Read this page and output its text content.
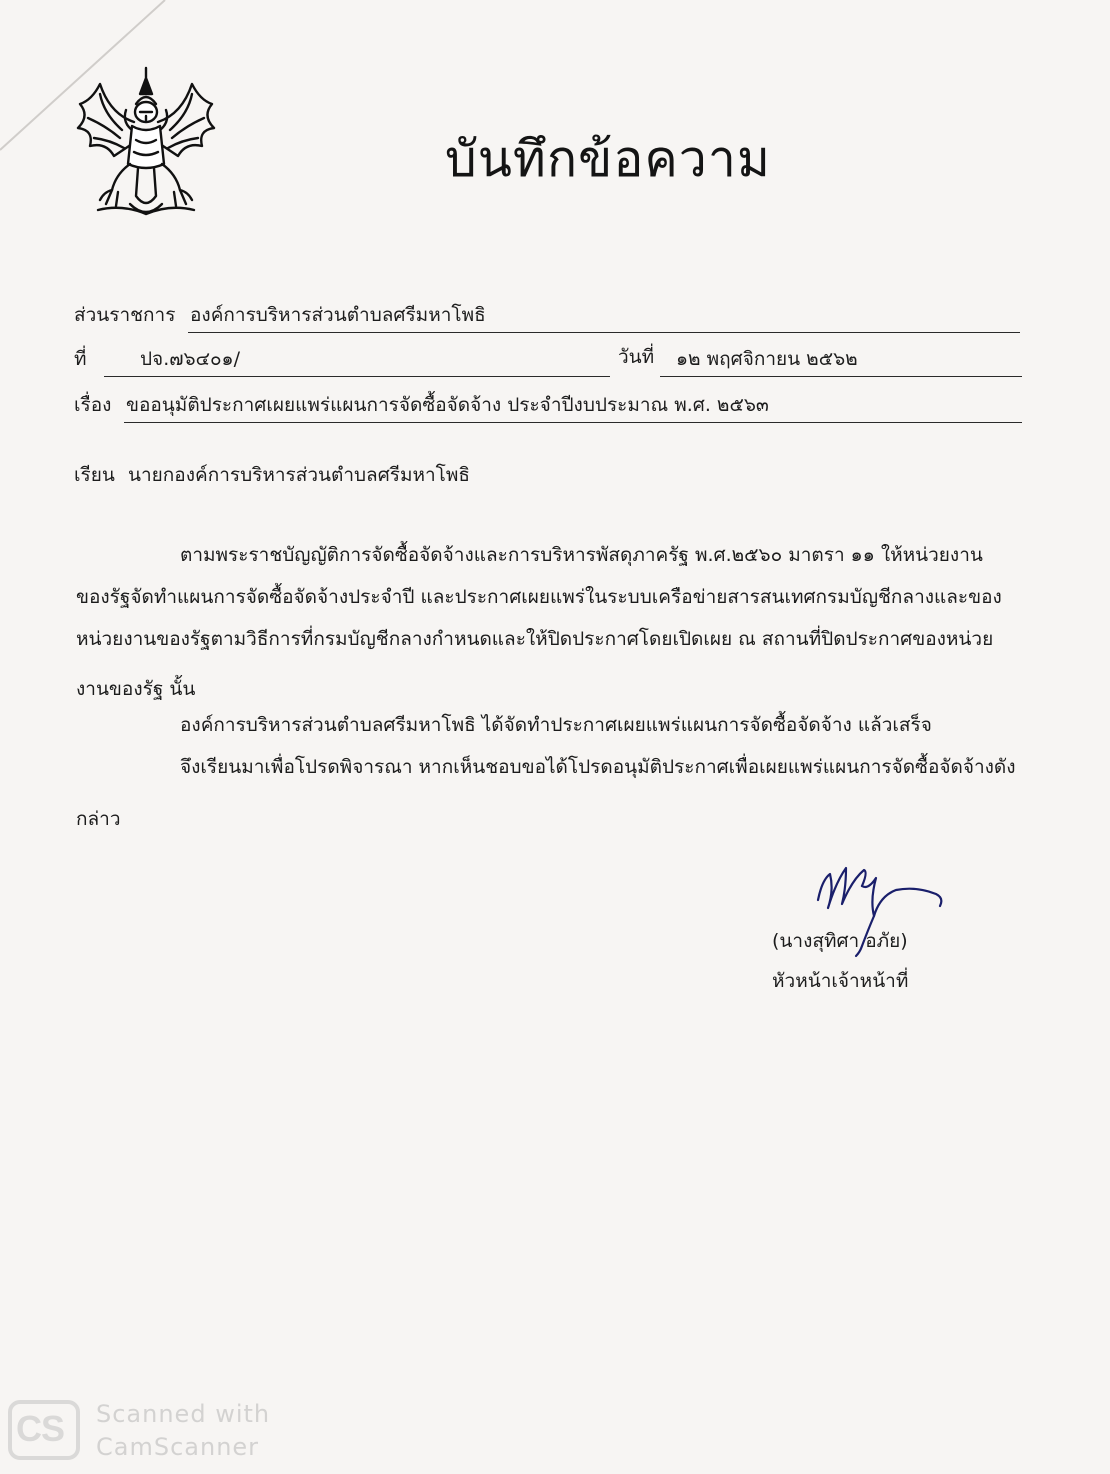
บันทึกข้อความ
ส่วนราชการ องค์การบริหารส่วนตำบลศรีมหาโพธิ
ที่	ปจ.๗๖๔๐๑/	วันที่ ๑๒ พฤศจิกายน ๒๕๖๒
เรื่อง ขออนุมัติประกาศเผยแพร่แผนการจัดซื้อจัดจ้าง ประจำปีงบประมาณ พ.ศ. ๒๕๖๓
เรียน นายกองค์การบริหารส่วนตำบลศรีมหาโพธิ
ตามพระราชบัญญัติการจัดซื้อจัดจ้างและการบริหารพัสดุภาครัฐ พ.ศ.๒๕๖๐ มาตรา ๑๑ ให้หน่วยงาน
ของรัฐจัดทำแผนการจัดซื้อจัดจ้างประจำปี และประกาศเผยแพร่ในระบบเครือข่ายสารสนเทศกรมบัญชีกลางและของ
หน่วยงานของรัฐตามวิธีการที่กรมบัญชีกลางกำหนดและให้ปิดประกาศโดยเปิดเผย ณ สถานที่ปิดประกาศของหน่วย
งานของรัฐ นั้น
องค์การบริหารส่วนตำบลศรีมหาโพธิ ได้จัดทำประกาศเผยแพร่แผนการจัดซื้อจัดจ้าง แล้วเสร็จ
จึงเรียนมาเพื่อโปรดพิจารณา หากเห็นชอบขอได้โปรดอนุมัติประกาศเพื่อเผยแพร่แผนการจัดซื้อจัดจ้างดัง
กล่าว
(นางสุทิศา อภัย)
หัวหน้าเจ้าหน้าที่
CS Scanned with
CamScanner
